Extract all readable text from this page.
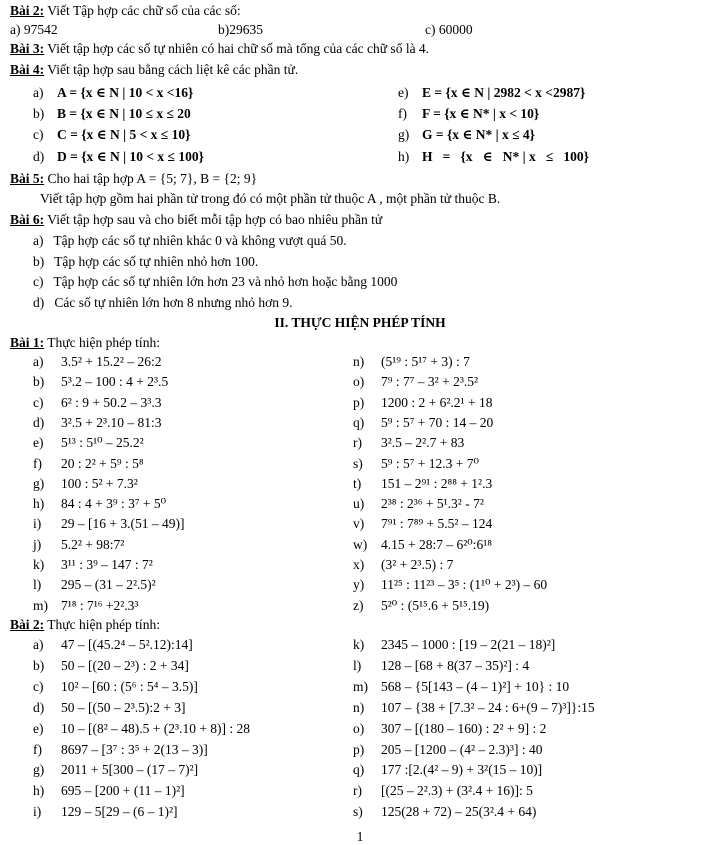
Bài 2: Viết Tập hợp các chữ số của các số:
a) 97542	b)29635	c) 60000
Bài 3: Viết tập hợp các số tự nhiên có hai chữ số mà tổng của các chữ số là 4.
Bài 4: Viết tập hợp sau bằng cách liệt kê các phần tử.
a) A = {x ∈ N | 10 < x <16}
b) B = {x ∈ N | 10 ≤ x ≤ 20
c) C = {x ∈ N | 5 < x ≤ 10}
d) D = {x ∈ N | 10 < x ≤ 100}
e) E = {x ∈ N | 2982 < x <2987}
f) F = {x ∈ N* | x < 10}
g) G = {x ∈ N* | x ≤ 4}
h) H   =   {x   ∈   N* | x   ≤   100}
Bài 5: Cho hai tập hợp A = {5; 7}, B = {2; 9}
Viết tập hợp gồm hai phần tử trong đó có một phần tử thuộc A , một phần tử thuộc B.
Bài 6: Viết tập hợp sau và cho biết mỗi tập hợp có bao nhiêu phần tử
a)   Tập hợp các số tự nhiên khác 0 và không vượt quá 50.
b)   Tập hợp các số tự nhiên nhỏ hơn 100.
c)   Tập hợp các số tự nhiên lớn hơn 23 và nhỏ hơn hoặc bằng 1000
d)   Các số tự nhiên lớn hơn 8 nhưng nhỏ hơn 9.
II. THỰC HIỆN PHÉP TÍNH
Bài 1: Thực hiện phép tính:
a) 3.5² + 15.2² – 26:2
b) 5³.2 – 100 : 4 + 2³.5
c) 6² : 9 + 50.2 – 3³.3
d) 3².5 + 2³.10 – 81:3
e) 5¹³ : 5¹⁰ – 25.2²
f) 20 : 2² + 5⁹ : 5⁸
g) 100 : 5² + 7.3²
h) 84 : 4 + 3⁹ : 3⁷ + 5⁰
i) 29 – [16 + 3.(51 – 49)]
j) 5.2² + 98:7²
k) 3¹¹ : 3⁹ – 147 : 7²
l) 295 – (31 – 2².5)²
m) 7¹⁸ : 7¹⁶ +2².3³
n) (5¹⁹ : 5¹⁷ + 3) : 7
o) 7⁹ : 7⁷ – 3² + 2³.5²
p) 1200 : 2 + 6².2¹ + 18
q) 5⁹ : 5⁷ + 70 : 14 – 20
r) 3².5 – 2².7 + 83
s) 5⁹ : 5⁷ + 12.3 + 7⁰
t) 151 – 2⁹¹ : 2⁸⁸ + 1².3
u) 2³⁸ : 2³⁶ + 5¹.3² - 7²
v) 7⁹¹ : 7⁸⁹ + 5.5² – 124
w) 4.15 + 28:7 – 6²⁰:6¹⁸
x) (3² + 2³.5) : 7
y) 11²⁵ : 11²³ – 3⁵ : (1¹⁰ + 2³) – 60
z) 5²⁰ : (5¹⁵.6 + 5¹⁵.19)
Bài 2: Thực hiện phép tính:
a) 47 – [(45.2⁴ – 5².12):14]
b) 50 – [(20 – 2³) : 2 + 34]
c) 10² – [60 : (5⁶ : 5⁴ – 3.5)]
d) 50 – [(50 – 2³.5):2 + 3]
e) 10 – [(8² – 48).5 + (2³.10 + 8)] : 28
f) 8697 – [3⁷ : 3⁵ + 2(13 – 3)]
g) 2011 + 5[300 – (17 – 7)²]
h) 695 – [200 + (11 – 1)²]
i) 129 – 5[29 – (6 – 1)²]
k) 2345 – 1000 : [19 – 2(21 – 18)²]
l) 128 – [68 + 8(37 – 35)²] : 4
m) 568 – {5[143 – (4 – 1)²] + 10} : 10
n) 107 – {38 + [7.3² – 24 : 6+(9 – 7)³]}:15
o) 307 – [(180 – 160) : 2² + 9] : 2
p) 205 – [1200 – (4² – 2.3)³] : 40
q) 177 :[2.(4² – 9) + 3²(15 – 10)]
r) [(25 – 2².3) + (3².4 + 16)]: 5
s) 125(28 + 72) – 25(3².4 + 64)
1
